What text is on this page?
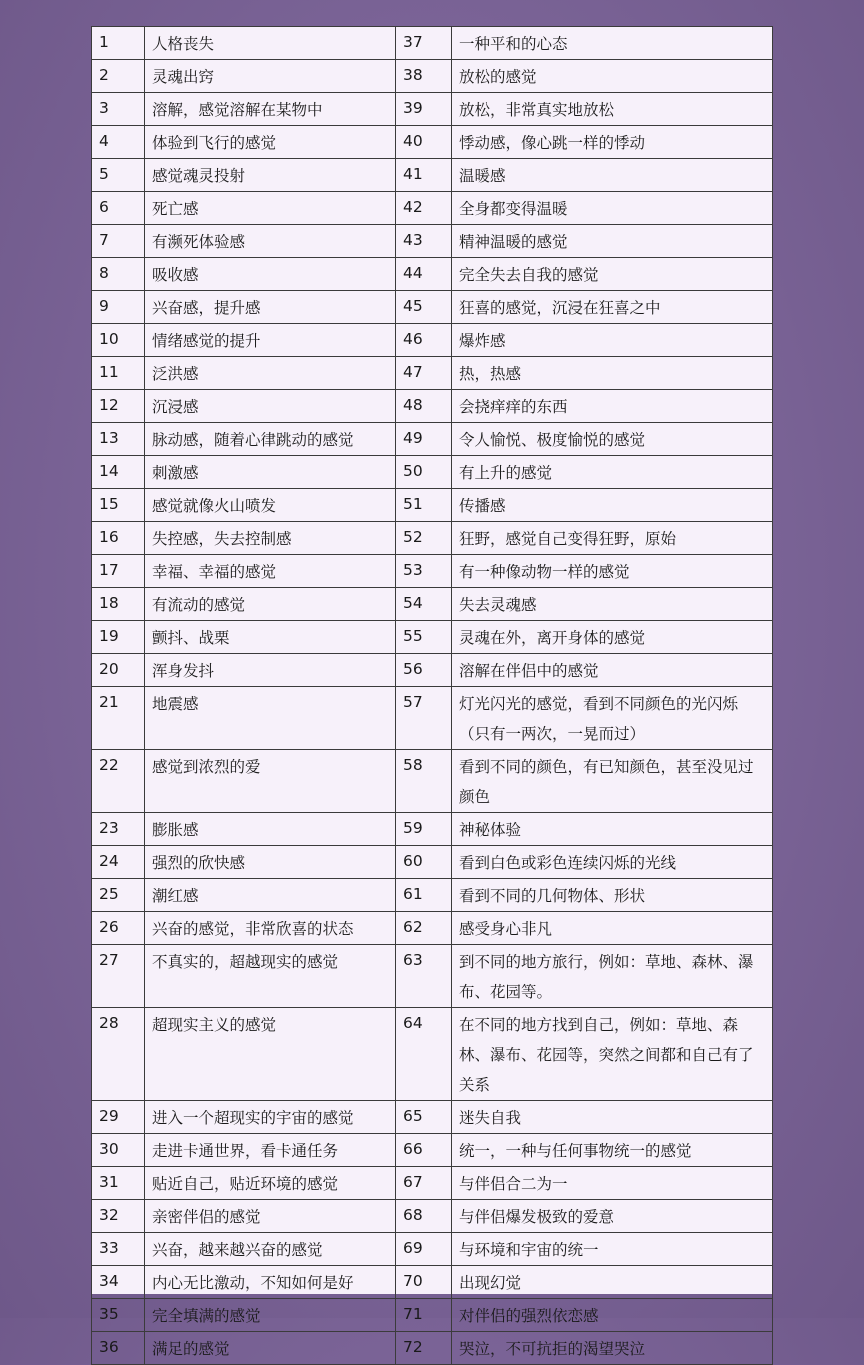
1	人格丧失	37	一种平和的心态
2	灵魂出窍	38	放松的感觉
3	溶解，感觉溶解在某物中	39	放松，非常真实地放松
4	体验到飞行的感觉	40	悸动感，像心跳一样的悸动
5	感觉魂灵投射	41	温暖感
6	死亡感	42	全身都变得温暖
7	有濒死体验感	43	精神温暖的感觉
8	吸收感	44	完全失去自我的感觉
9	兴奋感，提升感	45	狂喜的感觉，沉浸在狂喜之中
10	情绪感觉的提升	46	爆炸感
11	泛洪感	47	热，热感
12	沉浸感	48	会挠痒痒的东西
13	脉动感，随着心律跳动的感觉	49	令人愉悦、极度愉悦的感觉
14	刺激感	50	有上升的感觉
15	感觉就像火山喷发	51	传播感
16	失控感，失去控制感	52	狂野，感觉自己变得狂野，原始
17	幸福、幸福的感觉	53	有一种像动物一样的感觉
18	有流动的感觉	54	失去灵魂感
19	颤抖、战栗	55	灵魂在外，离开身体的感觉
20	浑身发抖	56	溶解在伴侣中的感觉
21	地震感	57	灯光闪光的感觉，看到不同颜色的光闪烁（只有一两次，一晃而过）
22	感觉到浓烈的爱	58	看到不同的颜色，有已知颜色，甚至没见过颜色
23	膨胀感	59	神秘体验
24	强烈的欣快感	60	看到白色或彩色连续闪烁的光线
25	潮红感	61	看到不同的几何物体、形状
26	兴奋的感觉，非常欣喜的状态	62	感受身心非凡
27	不真实的，超越现实的感觉	63	到不同的地方旅行，例如：草地、森林、瀑布、花园等。
28	超现实主义的感觉	64	在不同的地方找到自己，例如：草地、森林、瀑布、花园等，突然之间都和自己有了关系
29	进入一个超现实的宇宙的感觉	65	迷失自我
30	走进卡通世界，看卡通任务	66	统一，一种与任何事物统一的感觉
31	贴近自己，贴近环境的感觉	67	与伴侣合二为一
32	亲密伴侣的感觉	68	与伴侣爆发极致的爱意
33	兴奋，越来越兴奋的感觉	69	与环境和宇宙的统一
34	内心无比激动，不知如何是好	70	出现幻觉
35	完全填满的感觉	71	对伴侣的强烈依恋感
36	满足的感觉	72	哭泣，不可抗拒的渴望哭泣
